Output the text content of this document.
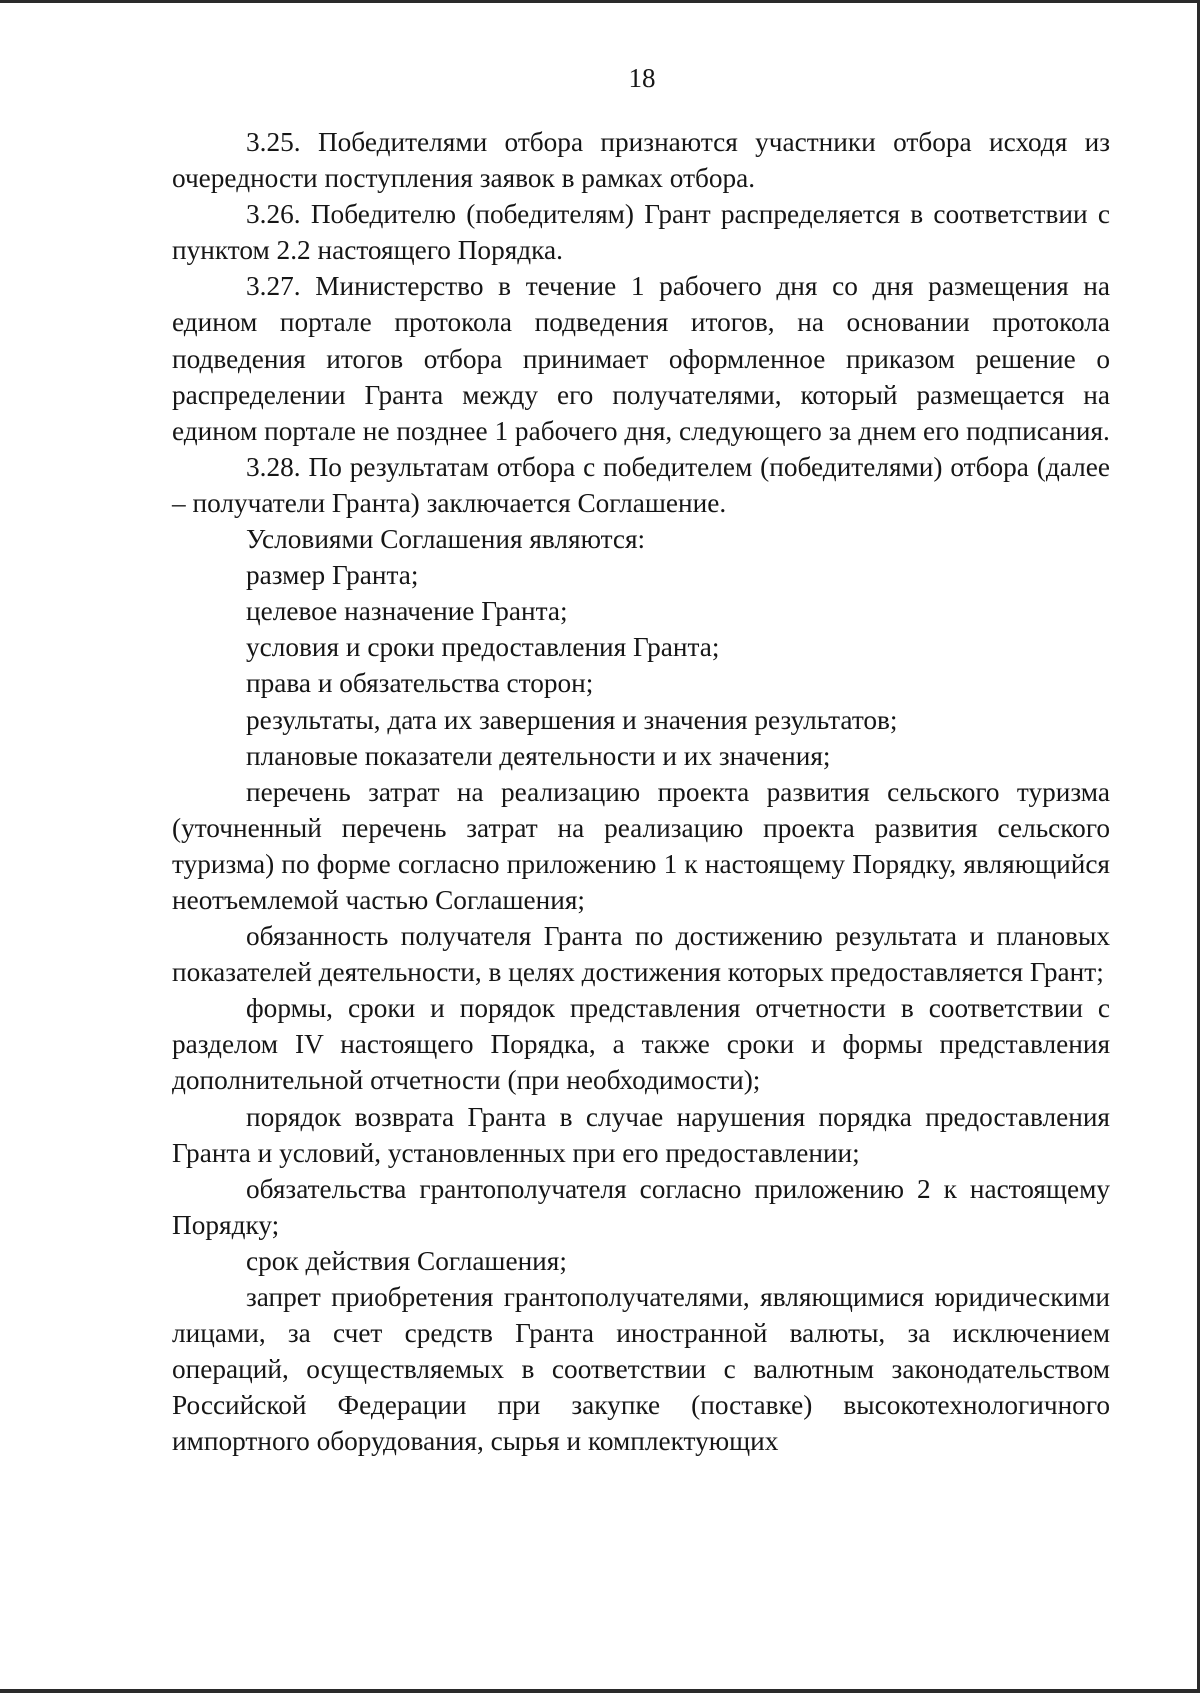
18

3.25. Победителями отбора признаются участники отбора исходя из очередности поступления заявок в рамках отбора.

3.26. Победителю (победителям) Грант распределяется в соответствии с пунктом 2.2 настоящего Порядка.

3.27. Министерство в течение 1 рабочего дня со дня размещения на едином портале протокола подведения итогов, на основании протокола подведения итогов отбора принимает оформленное приказом решение о распределении Гранта между его получателями, который размещается на едином портале не позднее 1 рабочего дня, следующего за днем его подписания.

3.28. По результатам отбора с победителем (победителями) отбора (далее – получатели Гранта) заключается Соглашение.

Условиями Соглашения являются:

размер Гранта;

целевое назначение Гранта;

условия и сроки предоставления Гранта;

права и обязательства сторон;

результаты, дата их завершения и значения результатов;

плановые показатели деятельности и их значения;

перечень затрат на реализацию проекта развития сельского туризма (уточненный перечень затрат на реализацию проекта развития сельского туризма) по форме согласно приложению 1 к настоящему Порядку, являющийся неотъемлемой частью Соглашения;

обязанность получателя Гранта по достижению результата и плановых показателей деятельности, в целях достижения которых предоставляется Грант;

формы, сроки и порядок представления отчетности в соответствии с разделом IV настоящего Порядка, а также сроки и формы представления дополнительной отчетности (при необходимости);

порядок возврата Гранта в случае нарушения порядка предоставления Гранта и условий, установленных при его предоставлении;

обязательства грантополучателя согласно приложению 2 к настоящему Порядку;

срок действия Соглашения;

запрет приобретения грантополучателями, являющимися юридическими лицами, за счет средств Гранта иностранной валюты, за исключением операций, осуществляемых в соответствии с валютным законодательством Российской Федерации при закупке (поставке) высокотехнологичного импортного оборудования, сырья и комплектующих
